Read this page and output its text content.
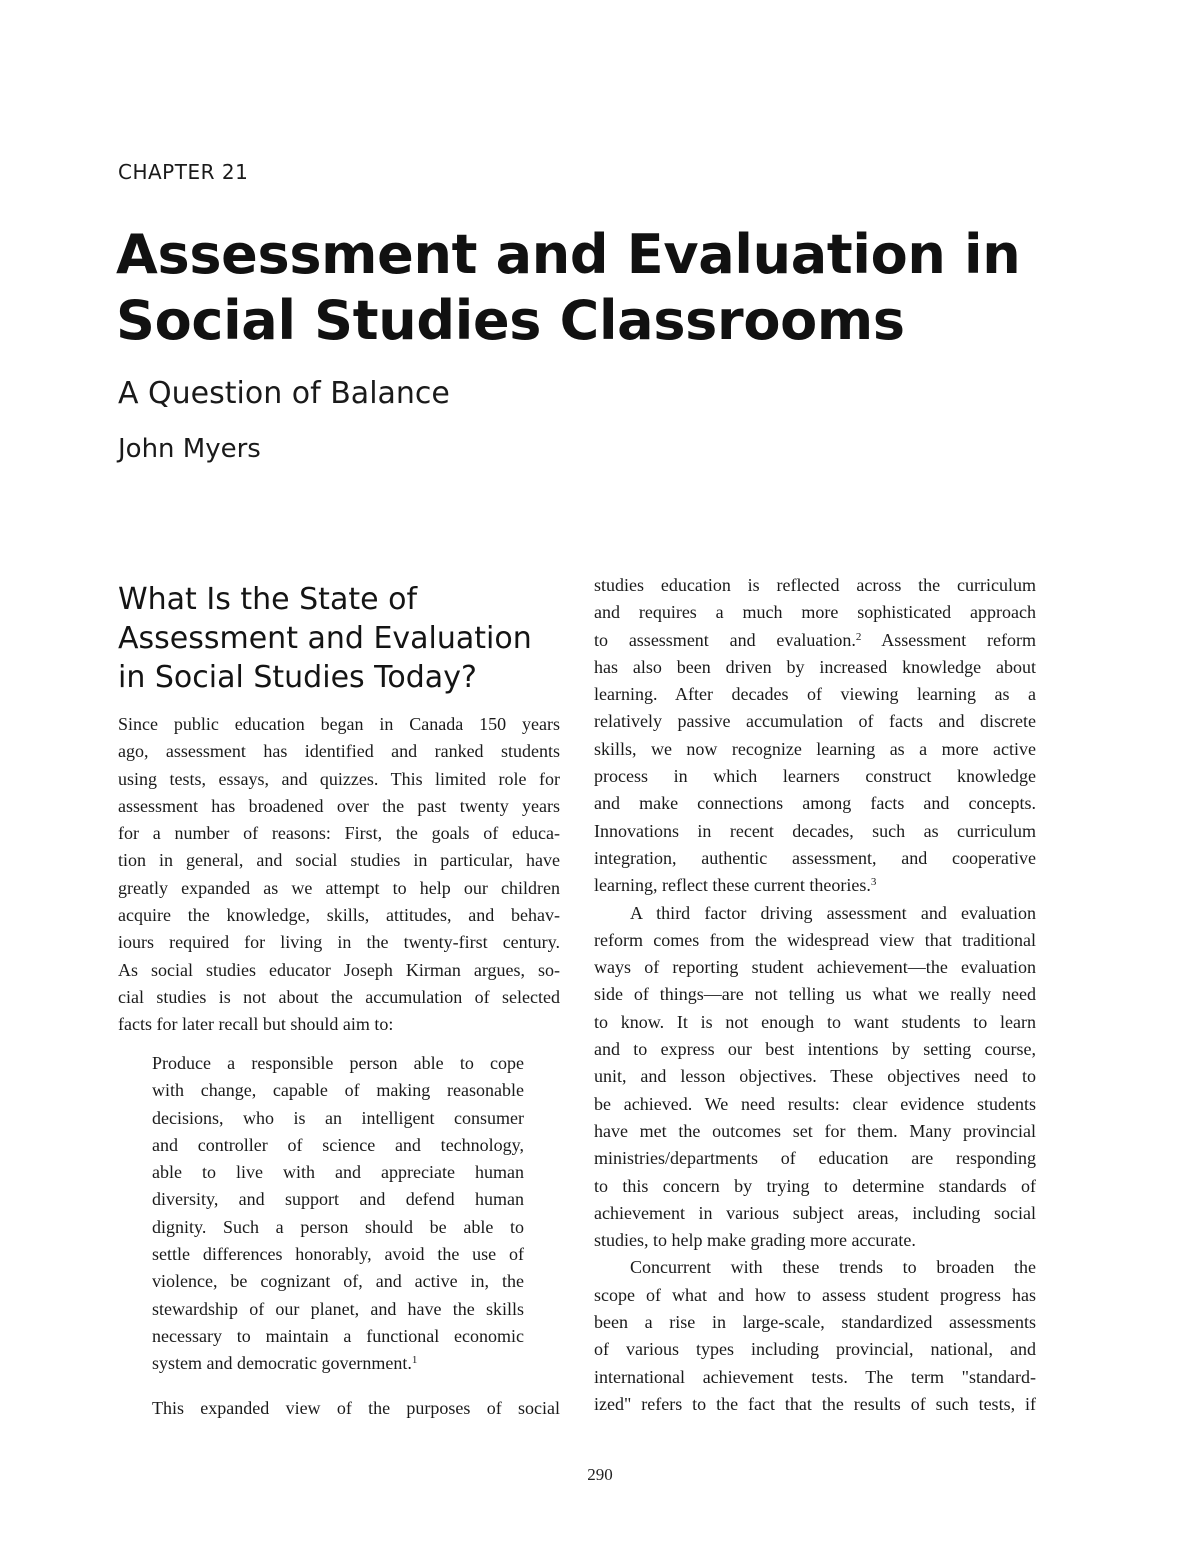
CHAPTER 21
Assessment and Evaluation in
Social Studies Classrooms
A Question of Balance
John Myers
What Is the State of
Assessment and Evaluation
in Social Studies Today?
Since public education began in Canada 150 years
ago, assessment has identified and ranked students
using tests, essays, and quizzes. This limited role for
assessment has broadened over the past twenty years
for a number of reasons: First, the goals of educa-
tion in general, and social studies in particular, have
greatly expanded as we attempt to help our children
acquire the knowledge, skills, attitudes, and behav-
iours required for living in the twenty-first century.
As social studies educator Joseph Kirman argues, so-
cial studies is not about the accumulation of selected
facts for later recall but should aim to:
Produce a responsible person able to cope
with change, capable of making reasonable
decisions, who is an intelligent consumer
and controller of science and technology,
able to live with and appreciate human
diversity, and support and defend human
dignity. Such a person should be able to
settle differences honorably, avoid the use of
violence, be cognizant of, and active in, the
stewardship of our planet, and have the skills
necessary to maintain a functional economic
system and democratic government.$^1$
This expanded view of the purposes of social
studies education is reflected across the curriculum
and requires a much more sophisticated approach
to assessment and evaluation.$^2$ Assessment reform
has also been driven by increased knowledge about
learning. After decades of viewing learning as a
relatively passive accumulation of facts and discrete
skills, we now recognize learning as a more active
process in which learners construct knowledge
and make connections among facts and concepts.
Innovations in recent decades, such as curriculum
integration, authentic assessment, and cooperative
learning, reflect these current theories.$^3$
A third factor driving assessment and evaluation
reform comes from the widespread view that traditional
ways of reporting student achievement—the evaluation
side of things—are not telling us what we really need
to know. It is not enough to want students to learn
and to express our best intentions by setting course,
unit, and lesson objectives. These objectives need to
be achieved. We need results: clear evidence students
have met the outcomes set for them. Many provincial
ministries/departments of education are responding
to this concern by trying to determine standards of
achievement in various subject areas, including social
studies, to help make grading more accurate.
Concurrent with these trends to broaden the
scope of what and how to assess student progress has
been a rise in large-scale, standardized assessments
of various types including provincial, national, and
international achievement tests. The term "standard-
ized" refers to the fact that the results of such tests, if
290
